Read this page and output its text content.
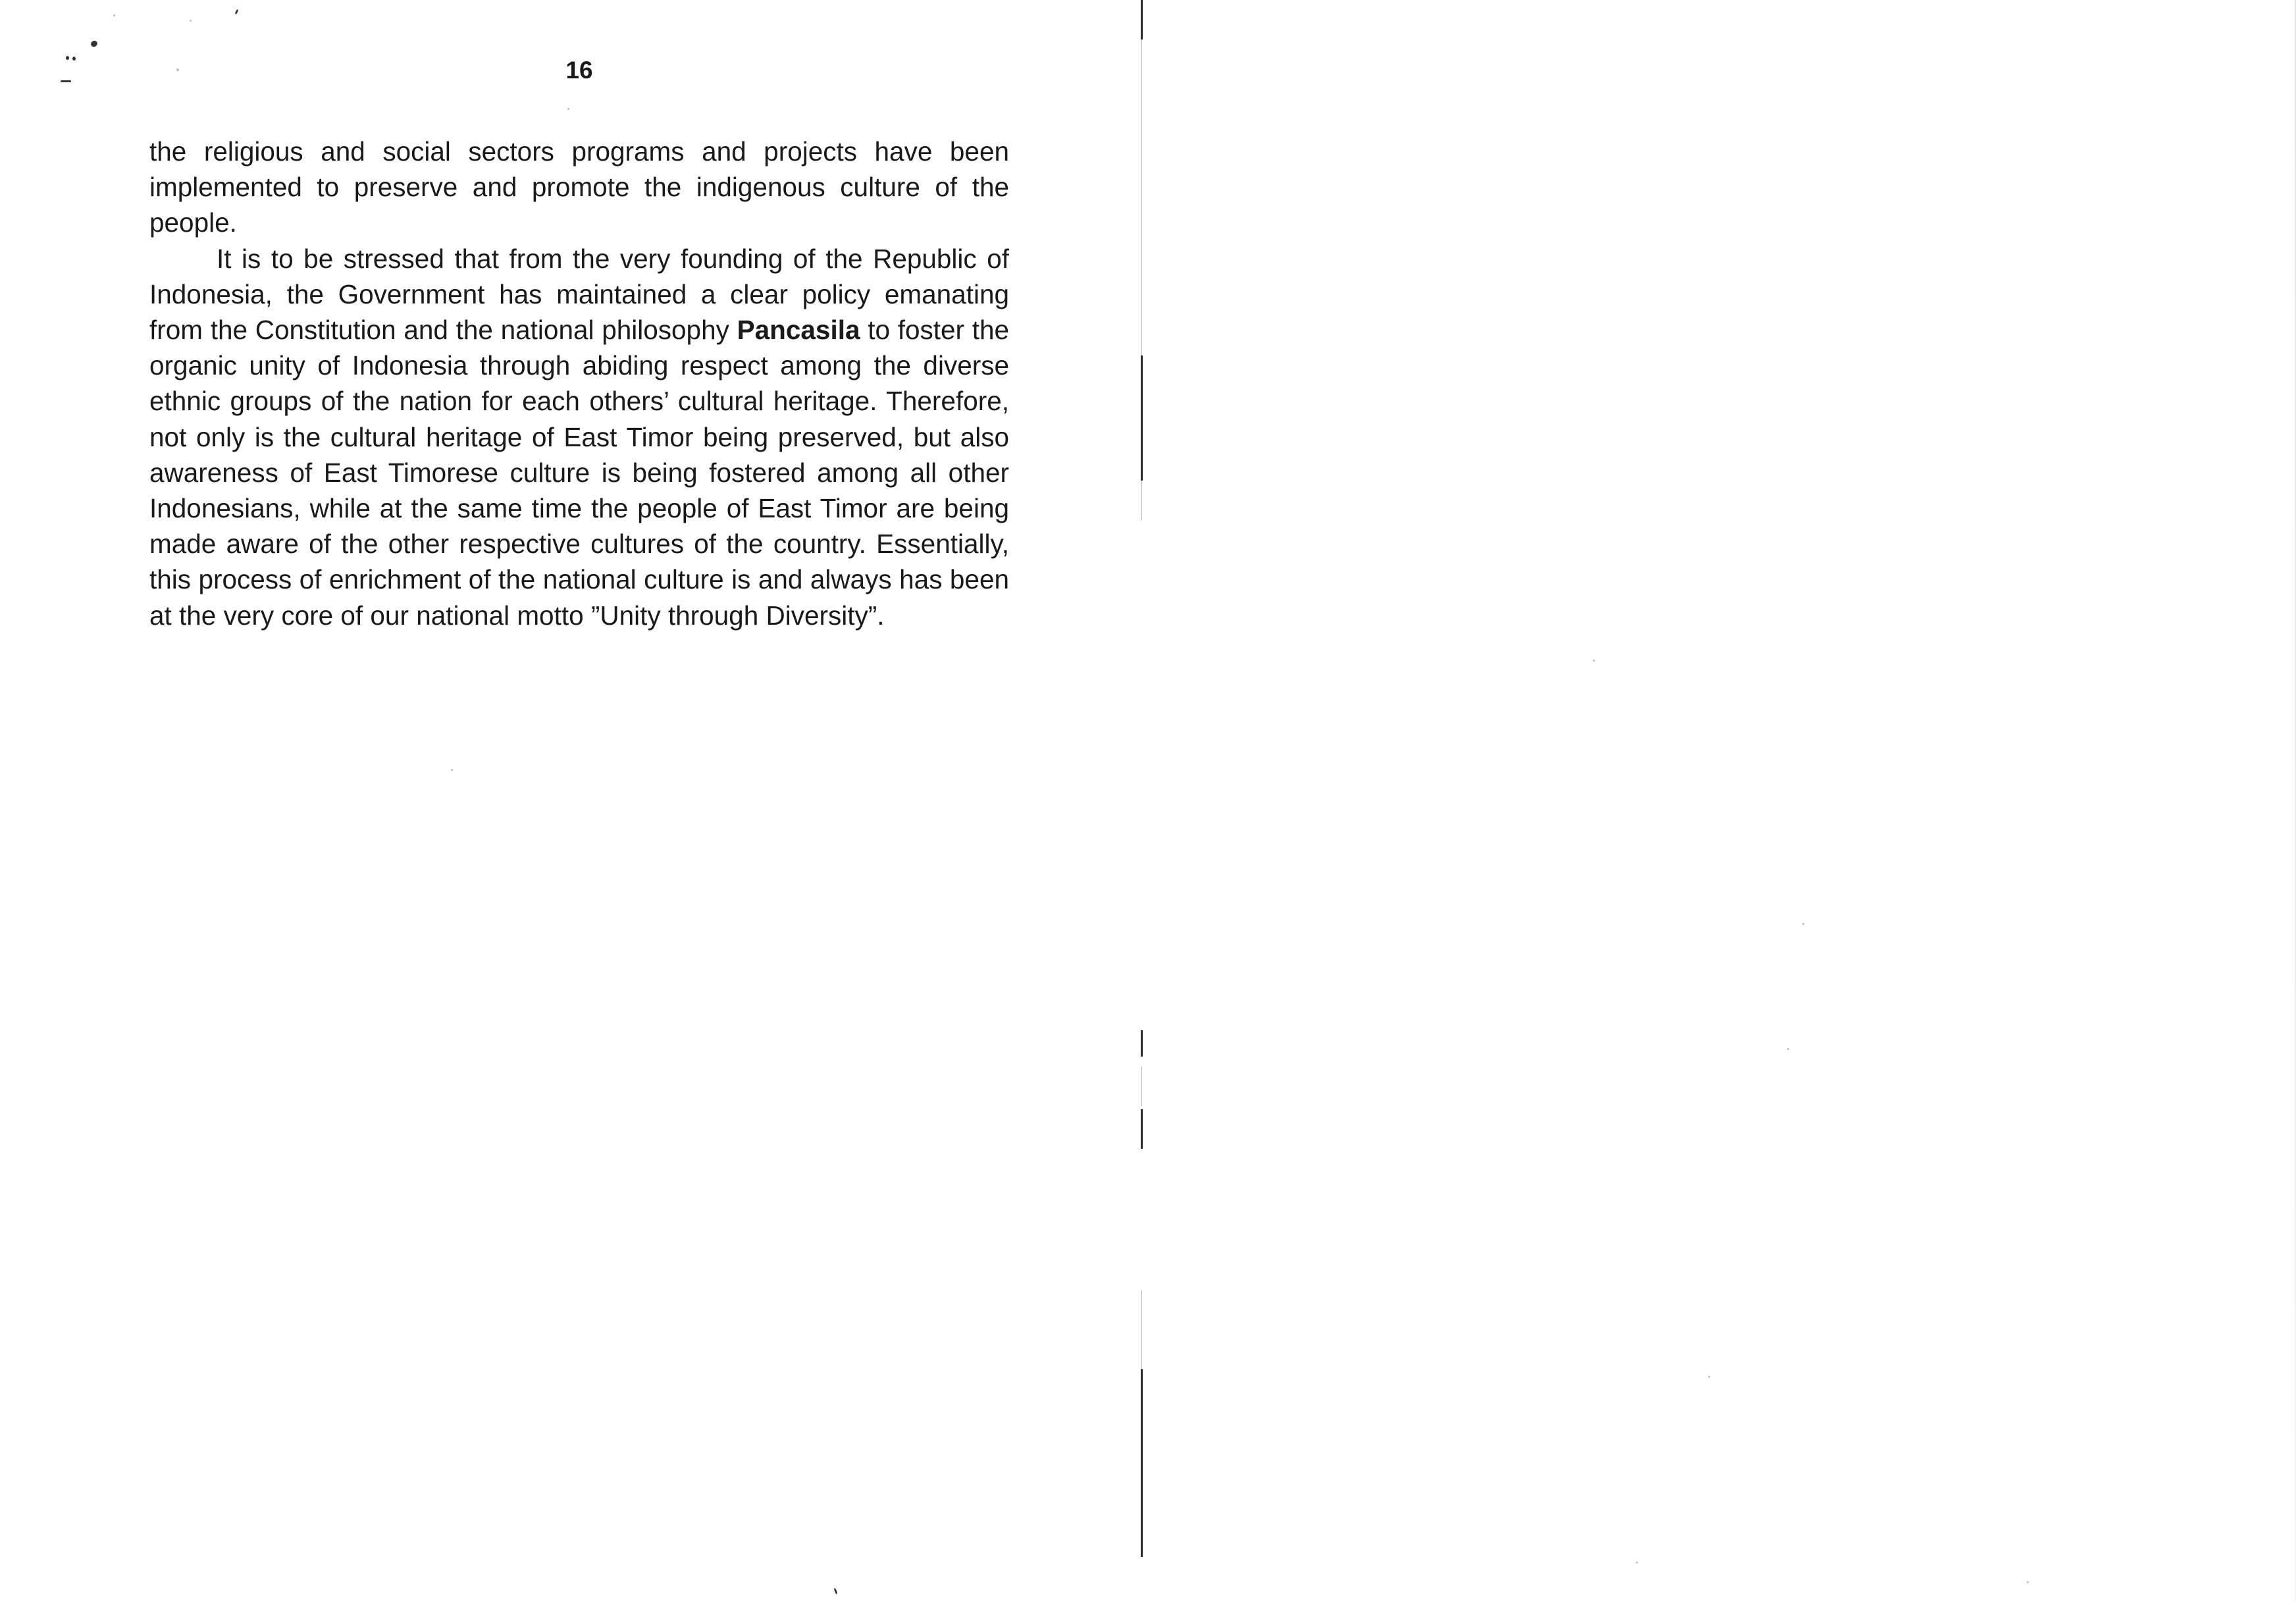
16

the religious and social sectors programs and projects have been implemented to preserve and promote the indigenous culture of the people.

It is to be stressed that from the very founding of the Republic of Indonesia, the Government has maintained a clear policy emanating from the Constitution and the national philosophy Pancasila to foster the organic unity of Indonesia through abiding respect among the diverse ethnic groups of the nation for each others’ cultural heritage. Therefore, not only is the cultural heritage of East Timor being preserved, but also awareness of East Timorese culture is being fostered among all other Indonesians, while at the same time the people of East Timor are being made aware of the other respective cultures of the country. Essentially, this process of enrichment of the national culture is and always has been at the very core of our national motto ”Unity through Diversity”.
